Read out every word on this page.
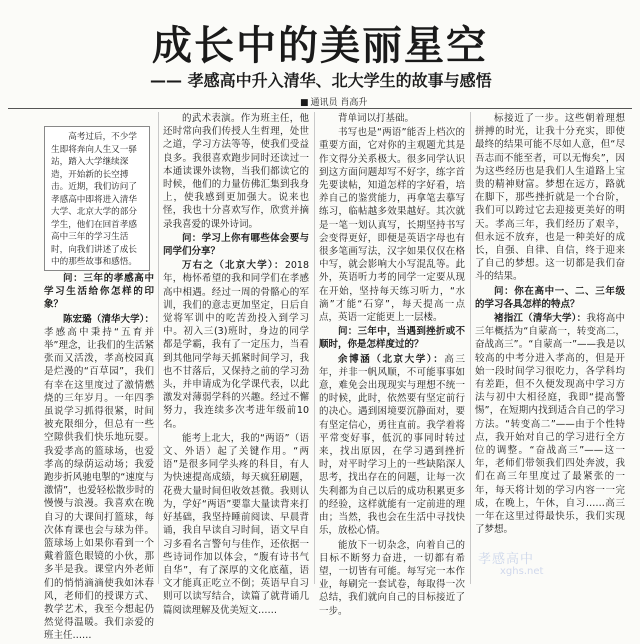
成长中的美丽星空
—— 孝感高中升入清华、北大学生的故事与感悟
■ 通讯员 肖高升

高考过后，不少学生即将奔向人生又一驿站，踏入大学继续深造，开始新的长空搏击。近期，我们访问了孝感高中即将进入清华大学、北京大学的部分学生，他们在回首孝感高中三年的学习生活时，向我们讲述了成长中的那些故事和感悟。

问：三年的孝感高中学习生活给你怎样的印象？

陈宏璐（清华大学）：孝感高中秉持“五育并举”理念，让我们的生活紧张而又活泼，孝高校园真是烂漫的“百草园”，我们有幸在这里度过了激情燃烧的三年岁月。一年四季虽说学习抓得很紧，时间被充限细分，但总有一些空隙供我们快乐地玩耍。我爱孝高的篮球场，也爱孝高的绿荫运动场；我爱跑步折风驰电掣的“速度与激情”，也爱轻松散步时的慢慢与浪漫。我喜欢在晚自习的大课间打篮球，每次体育课也会与球为伴。篮球场上如果你看到一个戴着篮色眼镜的小伙，那多半是我。课堂内外老师们的悄悄滴滴使我如沐春风，老师们的授课方式、教学艺术，我至今想起仍然觉得温暖。我们亲爱的班主任……

的武术表演。作为班主任，他还时常向我们传授人生哲理，处世之道，学习方法等等，使我们受益良多。我很喜欢跑步同时还读过一本通读课外读物，当我们都读它的时候，他们的力量仿佛汇集到我身上，使我感到更加强大。说来也怪，我也十分喜欢写作，欣赏并摘录我喜爱的课外诗词。

问：学习上你有哪些体会要与同学们分享？

万右之（北京大学）：2018年，梅怀希望的我和同学们在孝感高中相遇。经过一周的骨骼心的军训，我们的意志更加坚定，日后自觉将军训中的吃苦劲投入到学习中。初入三(3)班时，身边的同学都是学霸，我有了一定压力，当看到其他同学每天抓紧时间学习，我也不甘落后，又保持之前的学习劲头，并申请成为化学课代表，以此激发对薄弱学科的兴趣。经过不懈努力，我连续多次考进年级前10名。

能考上北大，我的“两语”（语文、外语）起了关键作用。“两语”是很多同学头疼的科目，有人为快速提高成绩，每天疯狂刷题，花费大量时间但收效甚微。我则认为，学好“两语”要靠大量读背来打好基础，我坚持睡前阅读、早晨背诵，我自早读自习时间，语文早自习多看名言警句与佳作，还依据一些诗词作加以体会，“腹有诗书气自华”，有了深厚的文化底蕴，语文才能真正吃立不倒；英语早自习则可以读写结合，读篇了就背诵几篇阅读理解及优美短文……

背单词以打基础。

书写也是“两语”能否上档次的重要方面，它对你的主观题尤其是作文得分关系极大。很多同学认识到这方面问题却写不好字，练字首先要读帖，知道怎样的字好看，培养自己的鉴赏能力，再拿笔去摹写练习，临帖越多效果越好。其次就是一笔一划认真写，长期坚持书写会变得更好，即便是英语字母也有很多笔画写法，汉字如果仅仅在格中写，就会影响大小写混乱等。此外，英语听力考的同学一定要从现在开始，坚持每天练习听力，“水滴”才能“石穿”，每天提高一点点，英语一定能更上一层楼。

问：三年中，当遇到挫折或不顺时，你是怎样度过的？

余博涵（北京大学）：高三年，并非一帆风顺，不可能事事如意，难免会出现现实与理想不统一的时候，此时，依然要有坚定前行的决心。遇到困境要沉静面对，要有坚定信心，勇往直前。我学着将平常变好事，低沉的事同时转过来，找出原因，在学习遇到挫折时，对平时学习上的一些缺陷深人思考，找出存在的问题，让每一次失利都为自己以后的成功积累更多的经验，这样就能有一定前进的理由；当然，我也会在生活中寻找快乐，放松心情。

能放下一切杂念，向着自己的目标不断努力奋进，一切都有希望，一切皆有可能。每写完一本作业，每刷完一套试卷，每取得一次总结，我们就向自己的目标接近了一步。

标接近了一步。这些朝着理想拼搏的时光，让我十分充实，即使最终的结果可能不尽如人意，但“尽吾志而不能至者，可以无悔矣”，因为这些经历也是我们人生道路上宝贵的精神财富。梦想在远方，路就在脚下，那些挫折就是一个台阶，我们可以跨过它去迎接更美好的明天。孝高三年，我们经历了艰辛，但永远不放弃，也是一种美好的成长，自强、自律、自信，终于迎来了自己的梦想。这一切都是我们奋斗的结果。

问：你在高中一、二、三年级的学习各具怎样的特点？

褚指江（清华大学）：我将高中三年概括为“自蒙高一，转变高二，奋战高三”。“自蒙高一”——我是以较高的中考分进入孝高的，但是开始一段时间学习很吃力，各学科均有差距，但不久便发现高中学习方法与初中大相径庭，我即“提高警惕”，在短期内找到适合自己的学习方法。“转变高二”——由于个性特点，我开始对自己的学习进行全方位的调整。“奋战高三”——这一年，老师们带领我们四处奔波，我们在高三年里度过了最紧张的一年，每天将计划的学习内容一一完成，在晚上，午休，自习……高三一年在这里过得最快乐，我们实现了梦想。

孝感高中
xghs.net
